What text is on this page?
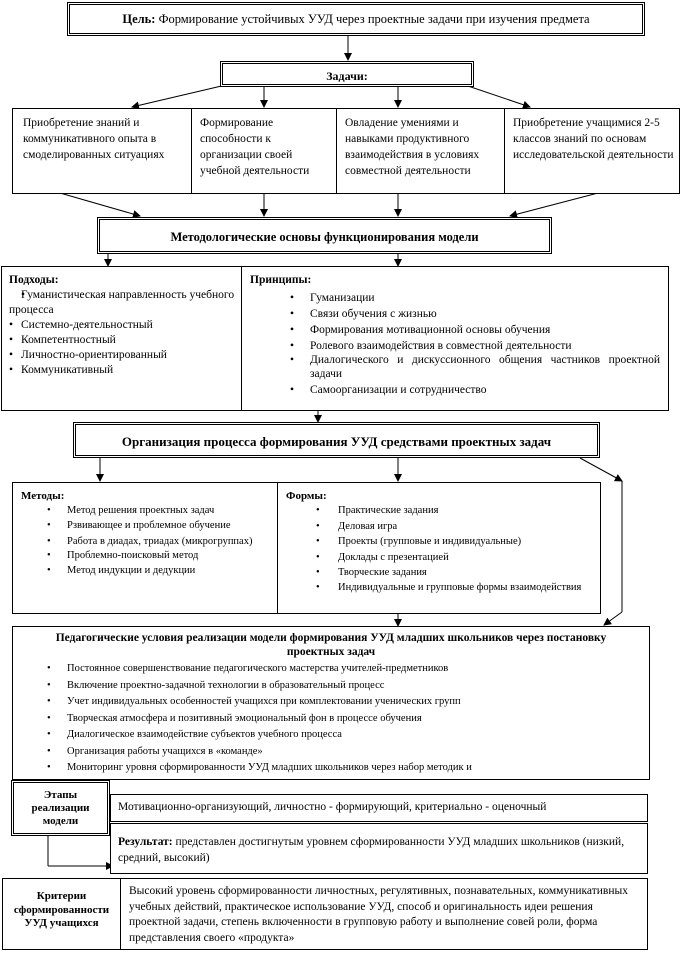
Цель: Формирование устойчивых УУД через проектные задачи при изучения предмета
Задачи:
Приобретение знаний и коммуникативного опыта в смоделированных ситуациях
Формирование способности к организации своей учебной деятельности
Овладение умениями и навыками продуктивного взаимодействия в условиях совместной деятельности
Приобретение учащимися 2-5 классов знаний по основам исследовательской деятельности
Методологические основы функционирования модели
Подходы:
• Гуманистическая направленность учебного процесса
• Системно-деятельностный
• Компетентностный
• Личностно-ориентированный
• Коммуникативный
Принципы:
• Гуманизации
• Связи обучения с жизнью
• Формирования мотивационной основы обучения
• Ролевого взаимодействия в совместной деятельности
• Диалогического и дискуссионного общения частников проектной задачи
• Самоорганизации и сотрудничество
Организация процесса формирования УУД средствами проектных задач
Методы:
• Метод решения проектных задач
• Рзвивающее и проблемное обучение
• Работа в диадах, триадах (микрогруппах)
• Проблемно-поисковый метод
• Метод индукции и дедукции
Формы:
• Практические задания
• Деловая игра
• Проекты (групповые и индивидуальные)
• Доклады с презентацией
• Творческие задания
• Индивидуальные и групповые формы взаимодействия
Педагогические условия реализации модели формирования УУД младших школьников через постановку проектных задач
• Постоянное совершенствование педагогического мастерства учителей-предметников
• Включение проектно-задачной технологии в образовательный процесс
• Учет индивидуальных особенностей учащихся при комплектовании ученических групп
• Творческая атмосфера и позитивный эмоциональный фон в процессе обучения
• Диалогическое взаимодействие субъектов учебного процесса
• Организация работы учащихся в «команде»
• Мониторинг уровня сформированности УУД младших школьников через набор методик и
Этапы реализации модели
Мотивационно-организующий, личностно - формирующий, критериально - оценочный
Результат: представлен достигнутым уровнем сформированности УУД младших школьников (низкий, средний, высокий)
Критерии сформированности УУД учащихся
Высокий уровень сформированности личностных, регулятивных, познавательных, коммуникативных учебных действий, практическое использование УУД, способ и оригинальность идеи решения проектной задачи, степень включенности в групповую работу и выполнение совей роли, форма представления своего «продукта»
